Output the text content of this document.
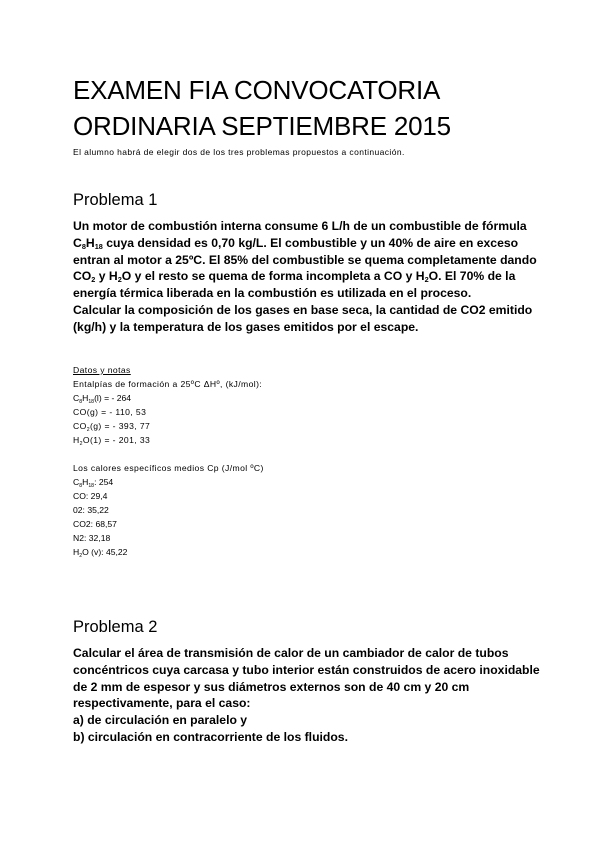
EXAMEN FIA CONVOCATORIA
ORDINARIA SEPTIEMBRE 2015

El alumno habrá de elegir dos de los tres problemas propuestos a continuación.

Problema 1

Un motor de combustión interna consume 6 L/h de un combustible de fórmula $C_8H_{18}$ cuya densidad es 0,70 kg/L. El combustible y un 40% de aire en exceso entran al motor a 25ºC. El 85% del combustible se quema completamente dando $CO_2$ y $H_2O$ y el resto se quema de forma incompleta a CO y $H_2O$. El 70% de la energía térmica liberada en la combustión es utilizada en el proceso.

Calcular la composición de los gases en base seca, la cantidad de CO2 emitido (kg/h) y la temperatura de los gases emitidos por el escape.

Datos y notas
Entalpías de formación a 25ºC ΔHº, (kJ/mol):
$C_8H_{18}(l)$ = - 264
CO(g) = - 110, 53
$CO_2(g)$ = - 393, 77
$H_2O(1)$ = - 201, 33
Los calores específicos medios Cp (J/mol ºC)
$C_8H_{18}$: 254
CO: 29,4
02: 35,22
CO2: 68,57
N2: 32,18
$H_2O$ (v): 45,22
Problema 2

Calcular el área de transmisión de calor de un cambiador de calor de tubos concéntricos cuya carcasa y tubo interior están construidos de acero inoxidable de 2 mm de espesor y sus diámetros externos son de 40 cm y 20 cm respectivamente, para el caso:

a) de circulación en paralelo y

b) circulación en contracorriente de los fluidos.
